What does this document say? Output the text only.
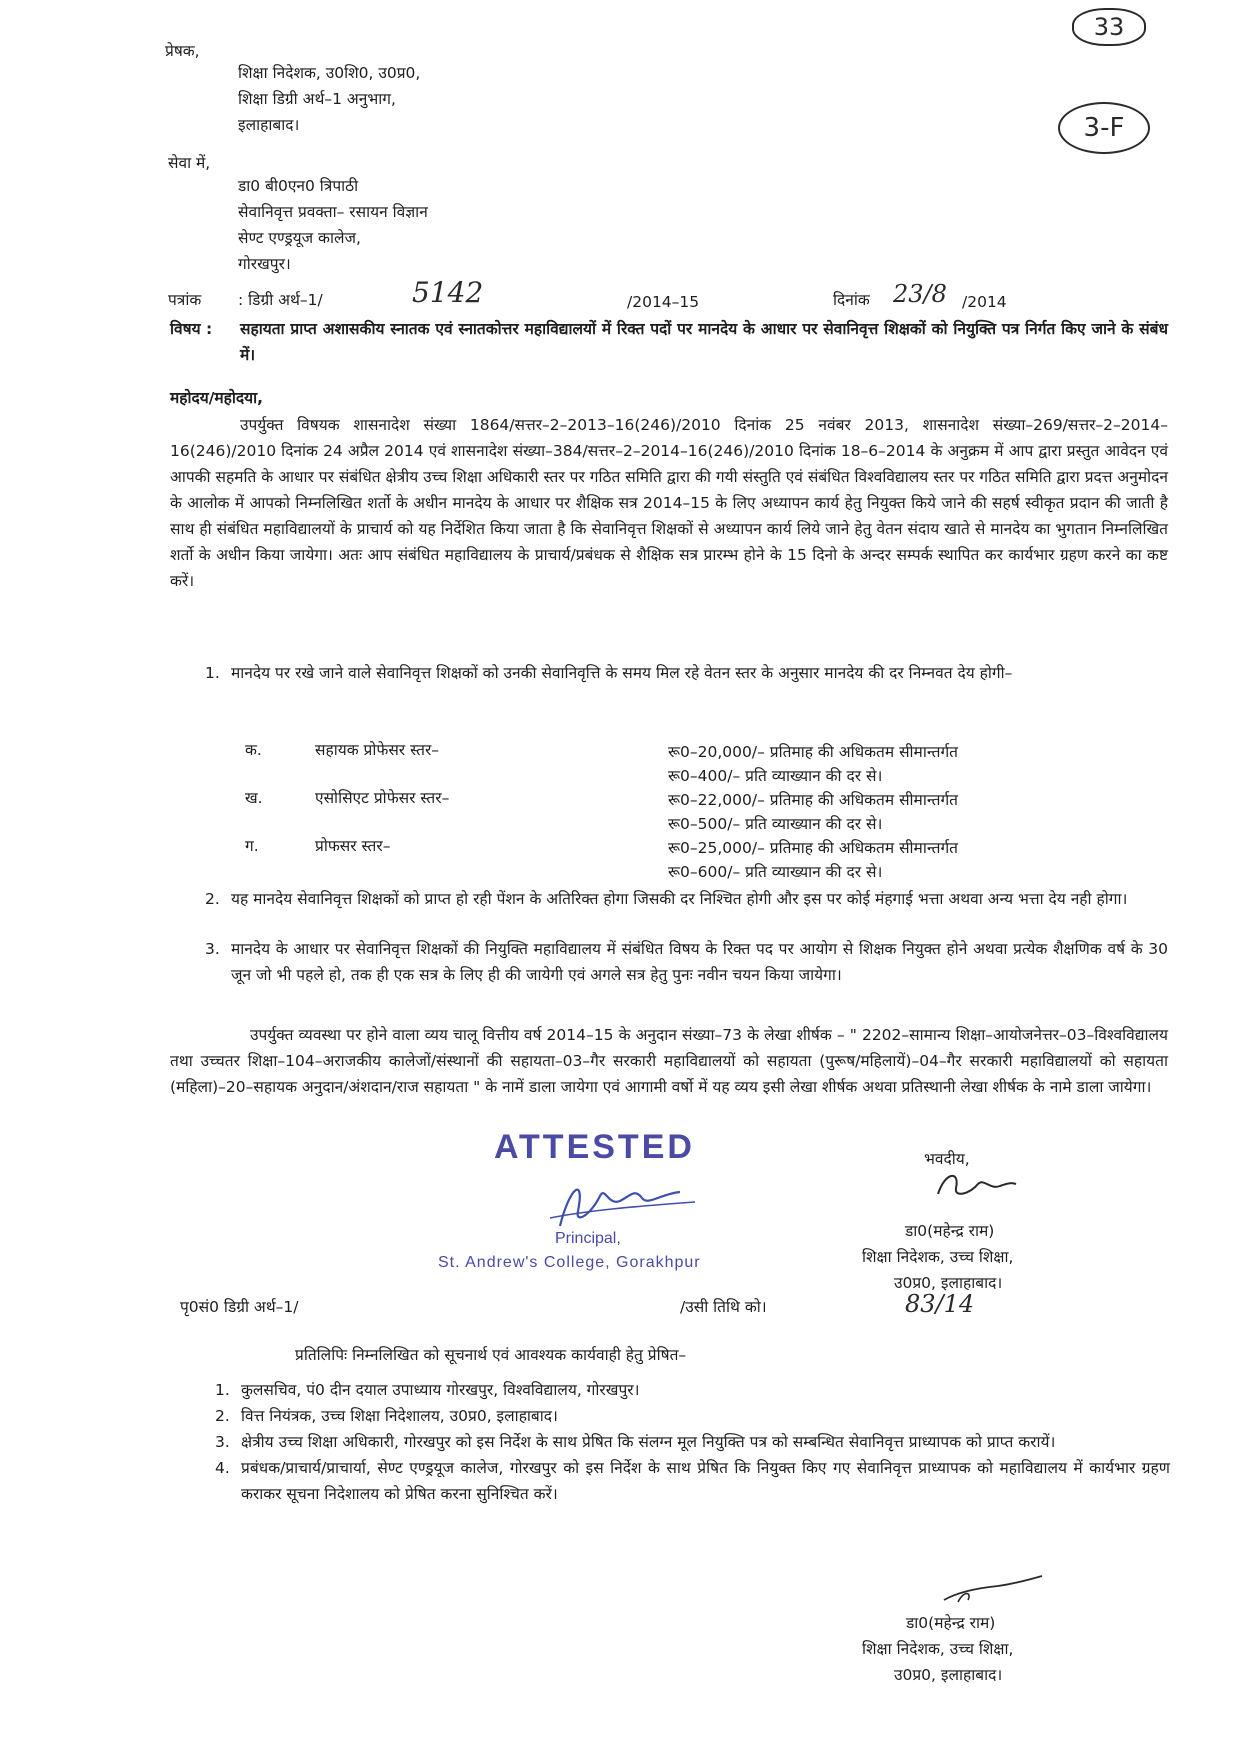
33
3-F
प्रेषक,
शिक्षा निदेशक, उ0शि0, उ0प्र0,
शिक्षा डिग्री अर्थ–1 अनुभाग,
इलाहाबाद।
सेवा में,
डा0 बी0एन0 त्रिपाठी
सेवानिवृत्त प्रवक्ता– रसायन विज्ञान
सेण्ट एण्ड्रयूज कालेज,
गोरखपुर।
पत्रांक : डिग्री अर्थ–1/	5142	/2014–15	दिनांक 23/8 /2014
विषय : सहायता प्राप्त अशासकीय स्नातक एवं स्नातकोत्तर महाविद्यालयों में रिक्त पदों पर मानदेय के आधार पर सेवानिवृत्त शिक्षकों को नियुक्ति पत्र निर्गत किए जाने के संबंध में।
महोदय/महोदया,
उपर्युक्त विषयक शासनादेश संख्या 1864/सत्तर–2–2013–16(246)/2010 दिनांक 25 नवंबर 2013, शासनादेश संख्या–269/सत्तर–2–2014–16(246)/2010 दिनांक 24 अप्रैल 2014 एवं शासनादेश संख्या–384/सत्तर–2–2014–16(246)/2010 दिनांक 18–6–2014 के अनुक्रम में आप द्वारा प्रस्तुत आवेदन एवं आपकी सहमति के आधार पर संबंधित क्षेत्रीय उच्च शिक्षा अधिकारी स्तर पर गठित समिति द्वारा की गयी संस्तुति एवं संबंधित विश्वविद्यालय स्तर पर गठित समिति द्वारा प्रदत्त अनुमोदन के आलोक में आपको निम्नलिखित शर्तो के अधीन मानदेय के आधार पर शैक्षिक सत्र 2014–15 के लिए अध्यापन कार्य हेतु नियुक्त किये जाने की सहर्ष स्वीकृत प्रदान की जाती है साथ ही संबंधित महाविद्यालयों के प्राचार्य को यह निर्देशित किया जाता है कि सेवानिवृत्त शिक्षकों से अध्यापन कार्य लिये जाने हेतु वेतन संदाय खाते से मानदेय का भुगतान निम्नलिखित शर्तो के अधीन किया जायेगा। अतः आप संबंधित महाविद्यालय के प्राचार्य/प्रबंधक से शैक्षिक सत्र प्रारम्भ होने के 15 दिनो के अन्दर सम्पर्क स्थापित कर कार्यभार ग्रहण करने का कष्ट करें।
1. मानदेय पर रखे जाने वाले सेवानिवृत्त शिक्षकों को उनकी सेवानिवृत्ति के समय मिल रहे वेतन स्तर के अनुसार मानदेय की दर निम्नवत देय होगी–
क.	सहायक प्रोफेसर स्तर–	रू0–20,000/– प्रतिमाह की अधिकतम सीमान्तर्गत
रू0–400/– प्रति व्याख्यान की दर से।
ख.	एसोसिएट प्रोफेसर स्तर–	रू0–22,000/– प्रतिमाह की अधिकतम सीमान्तर्गत
रू0–500/– प्रति व्याख्यान की दर से।
ग.	प्रोफसर स्तर–	रू0–25,000/– प्रतिमाह की अधिकतम सीमान्तर्गत
रू0–600/– प्रति व्याख्यान की दर से।
2. यह मानदेय सेवानिवृत्त शिक्षकों को प्राप्त हो रही पेंशन के अतिरिक्त होगा जिसकी दर निश्चित होगी और इस पर कोई मंहगाई भत्ता अथवा अन्य भत्ता देय नही होगा।
3. मानदेय के आधार पर सेवानिवृत्त शिक्षकों की नियुक्ति महाविद्यालय में संबंधित विषय के रिक्त पद पर आयोग से शिक्षक नियुक्त होने अथवा प्रत्येक शैक्षणिक वर्ष के 30 जून जो भी पहले हो, तक ही एक सत्र के लिए ही की जायेगी एवं अगले सत्र हेतु पुनः नवीन चयन किया जायेगा।
उपर्युक्त व्यवस्था पर होने वाला व्यय चालू वित्तीय वर्ष 2014–15 के अनुदान संख्या–73 के लेखा शीर्षक – " 2202–सामान्य शिक्षा–आयोजनेत्तर–03–विश्वविद्यालय तथा उच्चतर शिक्षा–104–अराजकीय कालेजों/संस्थानों की सहायता–03–गैर सरकारी महाविद्यालयों को सहायता (पुरूष/महिलायें)–04–गैर सरकारी महाविद्यालयों को सहायता (महिला)–20–सहायक अनुदान/अंशदान/राज सहायता " के नामें डाला जायेगा एवं आगामी वर्षो में यह व्यय इसी लेखा शीर्षक अथवा प्रतिस्थानी लेखा शीर्षक के नामे डाला जायेगा।
ATTESTED
Principal,
St. Andrew's College, Gorakhpur
भवदीय,
डा0(महेन्द्र राम)
शिक्षा निदेशक, उच्च शिक्षा,
उ0प्र0, इलाहाबाद।
83/14
पृ0सं0 डिग्री अर्थ–1/	/उसी तिथि को।
प्रतिलिपिः निम्नलिखित को सूचनार्थ एवं आवश्यक कार्यवाही हेतु प्रेषित–
1. कुलसचिव, पं0 दीन दयाल उपाध्याय गोरखपुर, विश्वविद्यालय, गोरखपुर।
2. वित्त नियंत्रक, उच्च शिक्षा निदेशालय, उ0प्र0, इलाहाबाद।
3. क्षेत्रीय उच्च शिक्षा अधिकारी, गोरखपुर को इस निर्देश के साथ प्रेषित कि संलग्न मूल नियुक्ति पत्र को सम्बन्धित सेवानिवृत्त प्राध्यापक को प्राप्त करायें।
4. प्रबंधक/प्राचार्य/प्राचार्या, सेण्ट एण्ड्रयूज कालेज, गोरखपुर को इस निर्देश के साथ प्रेषित कि नियुक्त किए गए सेवानिवृत्त प्राध्यापक को महाविद्यालय में कार्यभार ग्रहण कराकर सूचना निदेशालय को प्रेषित करना सुनिश्चित करें।
डा0(महेन्द्र राम)
शिक्षा निदेशक, उच्च शिक्षा,
उ0प्र0, इलाहाबाद।
